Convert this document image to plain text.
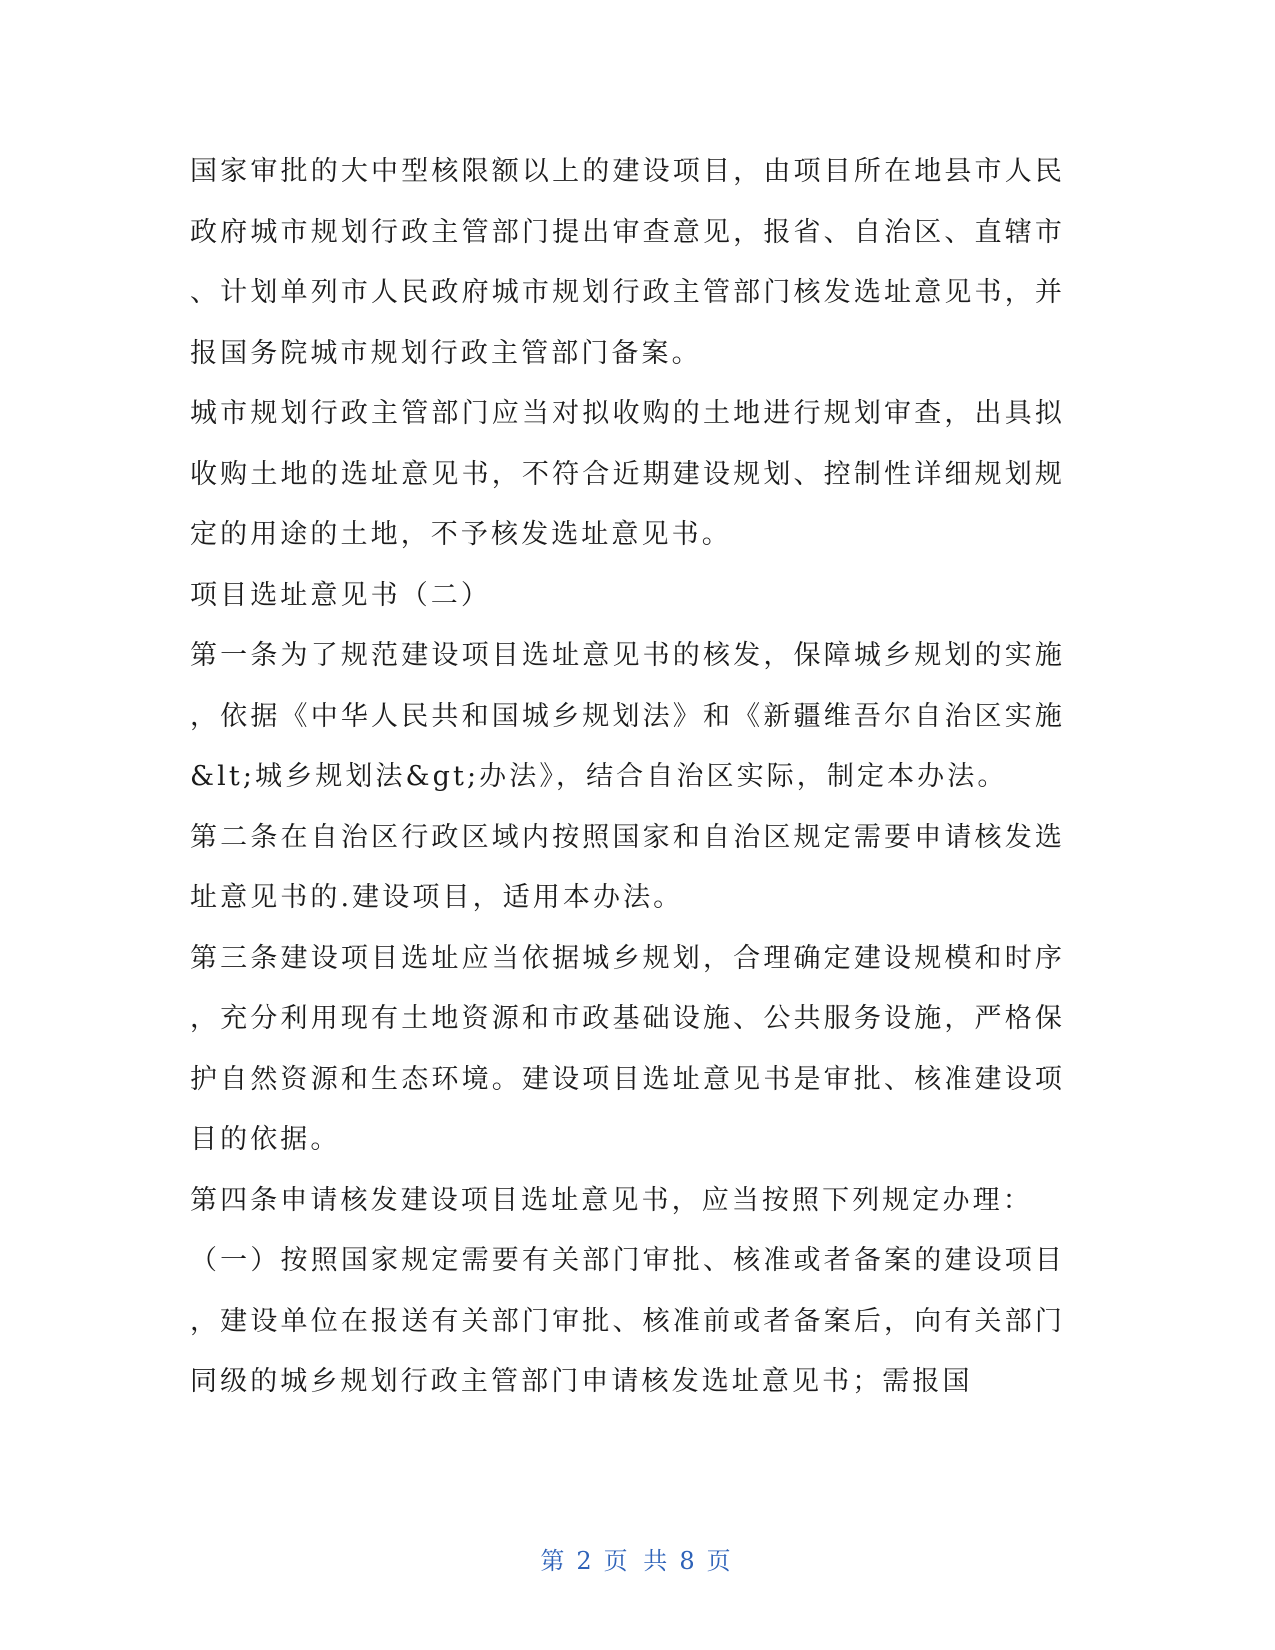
国家审批的大中型核限额以上的建设项目，由项目所在地县市人民政府城市规划行政主管部门提出审查意见，报省、自治区、直辖市、计划单列市人民政府城市规划行政主管部门核发选址意见书，并报国务院城市规划行政主管部门备案。

城市规划行政主管部门应当对拟收购的土地进行规划审查，出具拟收购土地的选址意见书，不符合近期建设规划、控制性详细规划规定的用途的土地，不予核发选址意见书。

项目选址意见书（二）

第一条为了规范建设项目选址意见书的核发，保障城乡规划的实施，依据《中华人民共和国城乡规划法》和《新疆维吾尔自治区实施&lt;城乡规划法&gt;办法》，结合自治区实际，制定本办法。

第二条在自治区行政区域内按照国家和自治区规定需要申请核发选址意见书的.建设项目，适用本办法。

第三条建设项目选址应当依据城乡规划，合理确定建设规模和时序，充分利用现有土地资源和市政基础设施、公共服务设施，严格保护自然资源和生态环境。建设项目选址意见书是审批、核准建设项目的依据。

第四条申请核发建设项目选址意见书，应当按照下列规定办理：

（一）按照国家规定需要有关部门审批、核准或者备案的建设项目，建设单位在报送有关部门审批、核准前或者备案后，向有关部门同级的城乡规划行政主管部门申请核发选址意见书；需报国

第 2 页 共 8 页
